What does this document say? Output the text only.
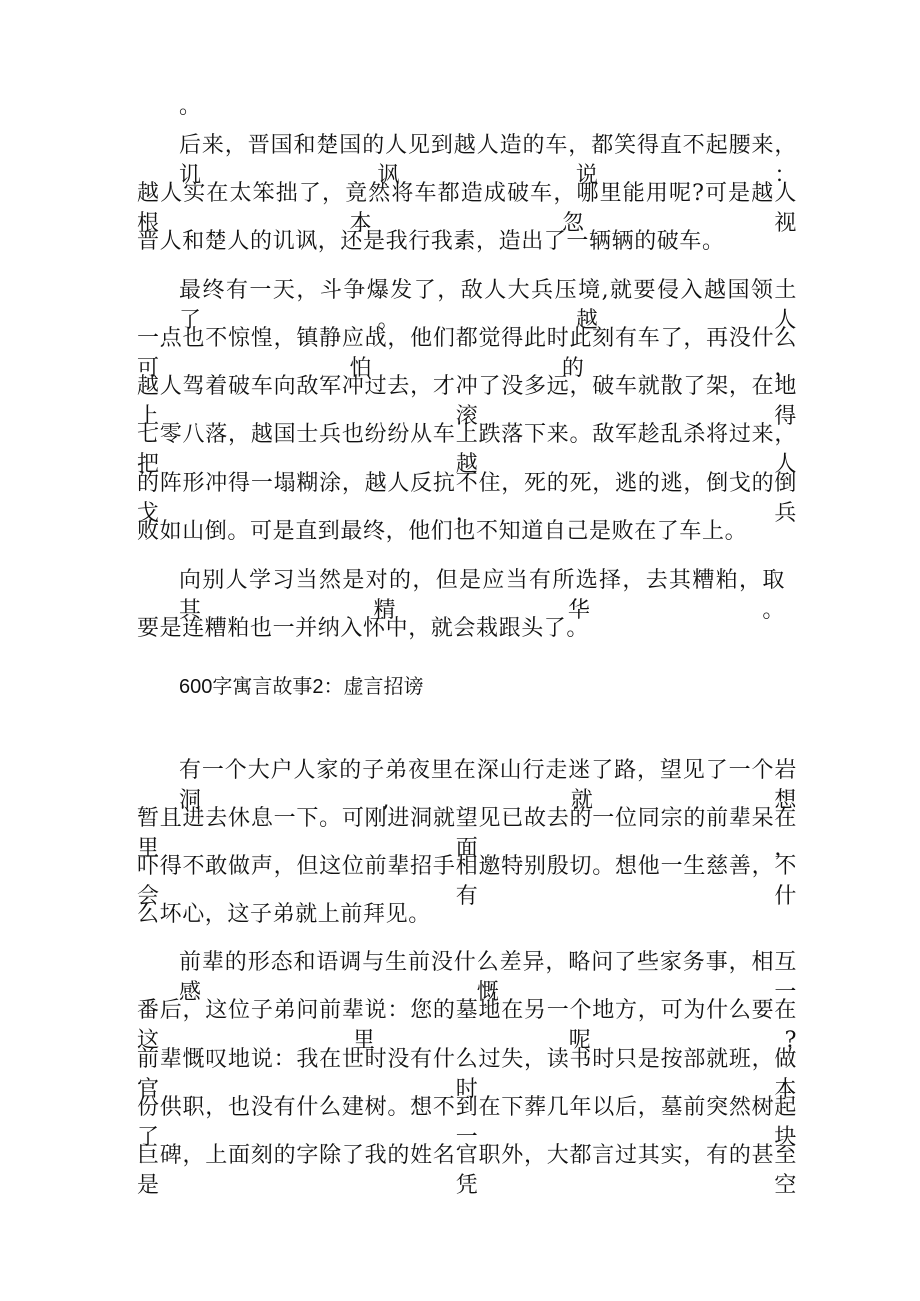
。
后来，晋国和楚国的人见到越人造的车，都笑得直不起腰来，讥讽说：
越人实在太笨拙了，竟然将车都造成破车，哪里能用呢?可是越人根本忽视
晋人和楚人的讥讽，还是我行我素，造出了一辆辆的破车。
最终有一天，斗争爆发了，敌人大兵压境,就要侵入越国领土了。越人
一点也不惊惶，镇静应战，他们都觉得此时此刻有车了，再没什么可怕的，
越人驾着破车向敌军冲过去，才冲了没多远，破车就散了架，在地上滚得
七零八落，越国士兵也纷纷从车上跌落下来。敌军趁乱杀将过来，把越人
的阵形冲得一塌糊涂，越人反抗不住，死的死，逃的逃，倒戈的倒戈，兵
败如山倒。可是直到最终，他们也不知道自己是败在了车上。
向别人学习当然是对的，但是应当有所选择，去其糟粕，取其精华。
要是连糟粕也一并纳入怀中，就会栽跟头了。
600字寓言故事2：虚言招谤
有一个大户人家的子弟夜里在深山行走迷了路，望见了一个岩洞,就想
暂且进去休息一下。可刚进洞就望见已故去的一位同宗的前辈呆在里面，
吓得不敢做声，但这位前辈招手相邀特别殷切。想他一生慈善，不会有什
么坏心，这子弟就上前拜见。
前辈的形态和语调与生前没什么差异，略问了些家务事，相互感慨一
番后，这位子弟问前辈说：您的墓地在另一个地方，可为什么要在这里呢?
前辈慨叹地说：我在世时没有什么过失，读书时只是按部就班，做官时本
份供职，也没有什么建树。想不到在下葬几年以后，墓前突然树起了一块
巨碑，上面刻的字除了我的姓名官职外，大都言过其实，有的甚至是凭空
